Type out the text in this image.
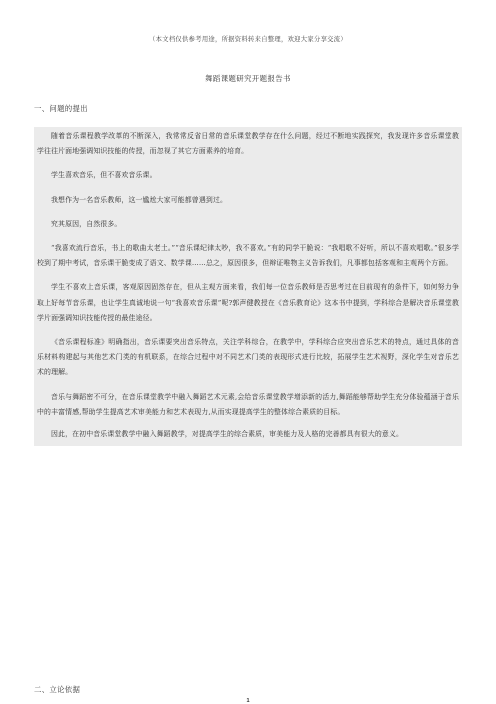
（本文档仅供参考用途，所据资料转来自整理，欢迎大家分享交流）
舞蹈课题研究开题报告书
一、问题的提出

随着音乐课程教学改革的不断深入，我常常反省日常的音乐课堂教学存在什么问题，经过不断地实践探究，我发现许多音乐课堂教学往往片面地强调知识技能的传授，而忽视了其它方面素养的培育。

学生喜欢音乐，但不喜欢音乐课。

我想作为一名音乐教师，这一尴尬大家可能都曾遇到过。

究其原因，自然很多。

“我喜欢流行音乐，书上的歌曲太老土。”“音乐课纪律太吵，我不喜欢。”有的同学干脆说：“我唱歌不好听，所以不喜欢唱歌。”很多学校到了期中考试，音乐课干脆变成了语文、数学课……总之，原因很多，但辩证唯物主义告诉我们，凡事都包括客观和主观两个方面。

学生不喜欢上音乐课，客观原因固然存在，但从主观方面来看，我们每一位音乐教师是否思考过在目前现有的条件下，如何努力争取上好每节音乐课，也让学生真诚地说一句“我喜欢音乐课”呢?郭声健教授在《音乐教育论》这本书中提到，学科综合是解决音乐课堂教学片面强调知识技能传授的最佳途径。

《音乐课程标准》明确指出，音乐课要突出音乐特点，关注学科综合，在教学中，学科综合应突出音乐艺术的特点，通过具体的音乐材料构建起与其他艺术门类的有机联系，在综合过程中对不同艺术门类的表现形式进行比较，拓展学生艺术视野，深化学生对音乐艺术的理解。

音乐与舞蹈密不可分，在音乐课堂教学中融入舞蹈艺术元素,会给音乐课堂教学增添新的活力,舞蹈能够帮助学生充分体验蕴涵于音乐中的丰富情感,帮助学生提高艺术审美能力和艺术表现力,从而实现提高学生的整体综合素质的目标。

因此，在初中音乐课堂教学中融入舞蹈教学，对提高学生的综合素质，审美能力及人格的完善都具有很大的意义。

二、立论依据
1
